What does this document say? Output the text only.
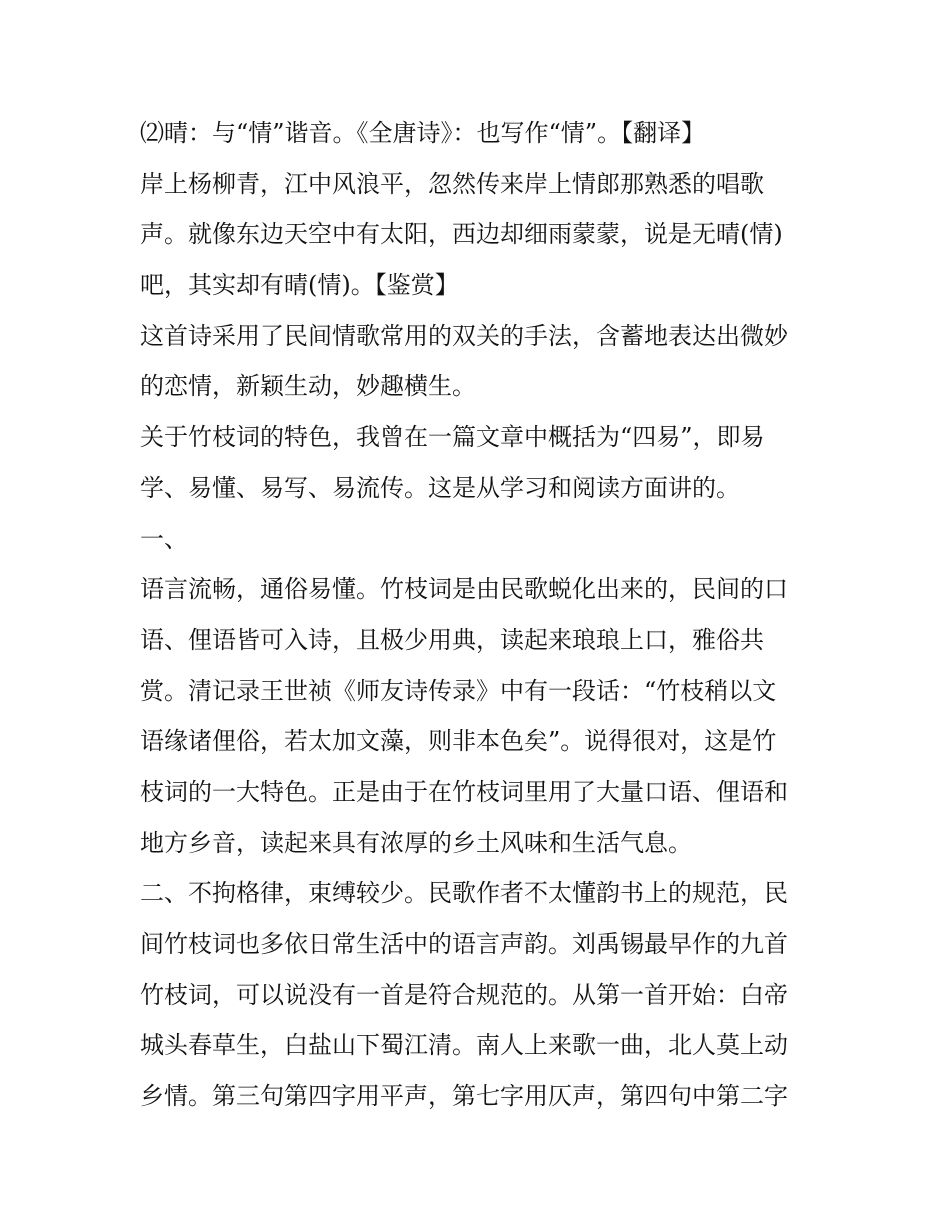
⑵晴：与“情”谐音。《全唐诗》：也写作“情”。【翻译】
岸上杨柳青，江中风浪平，忽然传来岸上情郎那熟悉的唱歌
声。就像东边天空中有太阳，西边却细雨蒙蒙，说是无晴(情)
吧，其实却有晴(情)。【鉴赏】
这首诗采用了民间情歌常用的双关的手法，含蓄地表达出微妙
的恋情，新颖生动，妙趣横生。
关于竹枝词的特色，我曾在一篇文章中概括为“四易”，即易
学、易懂、易写、易流传。这是从学习和阅读方面讲的。
一、
语言流畅，通俗易懂。竹枝词是由民歌蜕化出来的，民间的口
语、俚语皆可入诗，且极少用典，读起来琅琅上口，雅俗共
赏。清记录王世祯《师友诗传录》中有一段话：“竹枝稍以文
语缘诸俚俗，若太加文藻，则非本色矣”。说得很对，这是竹
枝词的一大特色。正是由于在竹枝词里用了大量口语、俚语和
地方乡音，读起来具有浓厚的乡土风味和生活气息。
二、不拘格律，束缚较少。民歌作者不太懂韵书上的规范，民
间竹枝词也多依日常生活中的语言声韵。刘禹锡最早作的九首
竹枝词，可以说没有一首是符合规范的。从第一首开始：白帝
城头春草生，白盐山下蜀江清。南人上来歌一曲，北人莫上动
乡情。第三句第四字用平声，第七字用仄声，第四句中第二字
